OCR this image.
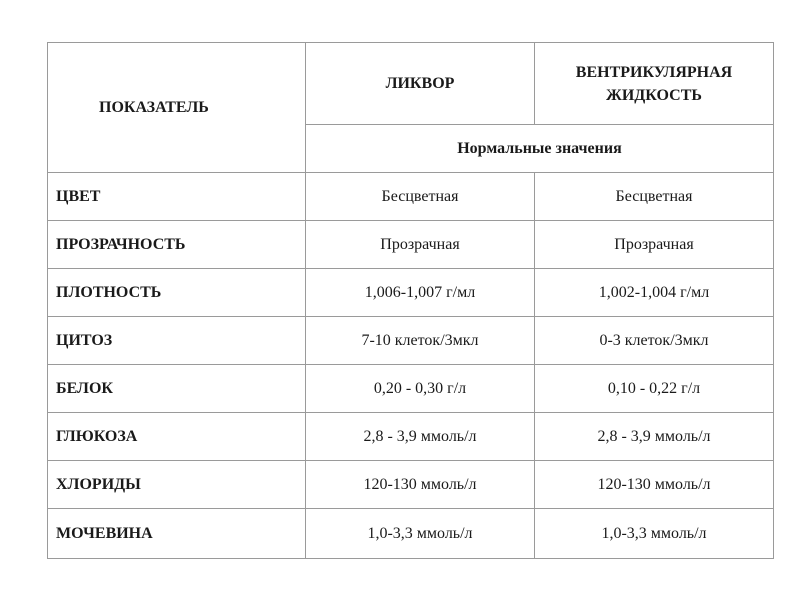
ПОКАЗАТЕЛЬ	ЛИКВОР	ВЕНТРИКУЛЯРНАЯ ЖИДКОСТЬ
	Нормальные значения	
ЦВЕТ	Бесцветная	Бесцветная
ПРОЗРАЧНОСТЬ	Прозрачная	Прозрачная
ПЛОТНОСТЬ	1,006-1,007 г/мл	1,002-1,004 г/мл
ЦИТОЗ	7-10 клеток/3мкл	0-3 клеток/3мкл
БЕЛОК	0,20 - 0,30 г/л	0,10 - 0,22 г/л
ГЛЮКОЗА	2,8 - 3,9 ммоль/л	2,8 - 3,9 ммоль/л
ХЛОРИДЫ	120-130 ммоль/л	120-130 ммоль/л
МОЧЕВИНА	1,0-3,3 ммоль/л	1,0-3,3 ммоль/л
